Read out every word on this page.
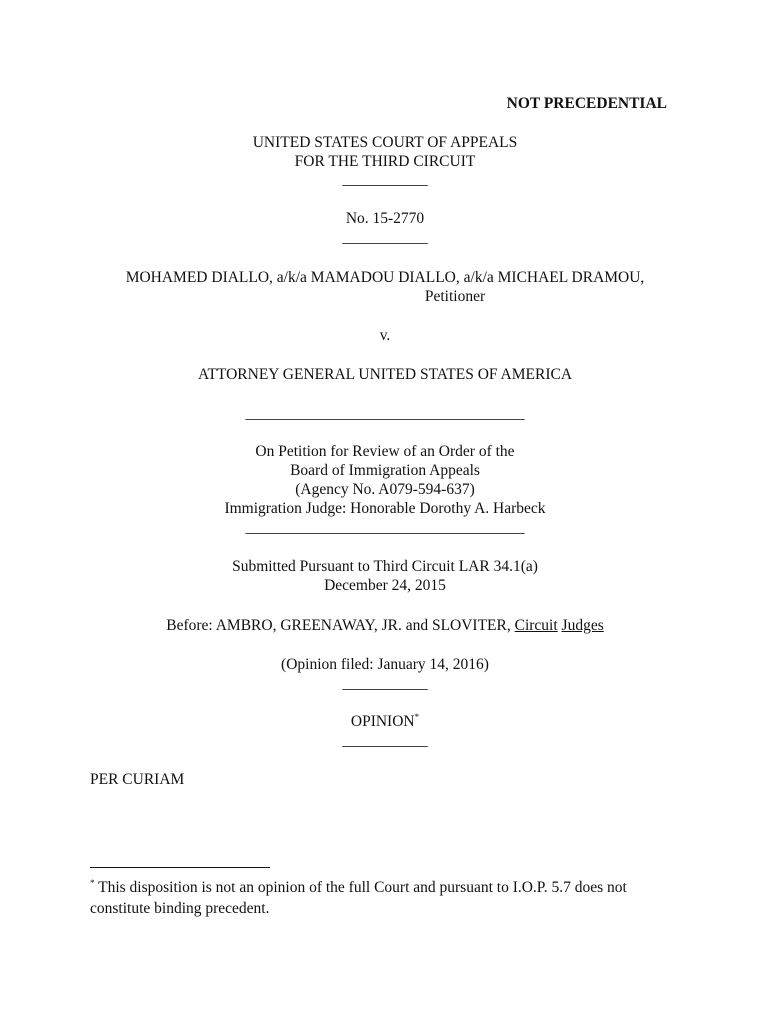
NOT PRECEDENTIAL
UNITED STATES COURT OF APPEALS
FOR THE THIRD CIRCUIT
___________
No. 15-2770
___________
MOHAMED DIALLO, a/k/a MAMADOU DIALLO, a/k/a MICHAEL DRAMOU,
Petitioner
v.
ATTORNEY GENERAL UNITED STATES OF AMERICA
____________________________________
On Petition for Review of an Order of the
Board of Immigration Appeals
(Agency No. A079-594-637)
Immigration Judge: Honorable Dorothy A. Harbeck
____________________________________
Submitted Pursuant to Third Circuit LAR 34.1(a)
December 24, 2015
Before: AMBRO, GREENAWAY, JR. and SLOVITER, Circuit Judges
(Opinion filed: January 14, 2016)
___________
OPINION*
___________
PER CURIAM
* This disposition is not an opinion of the full Court and pursuant to I.O.P. 5.7 does not constitute binding precedent.
